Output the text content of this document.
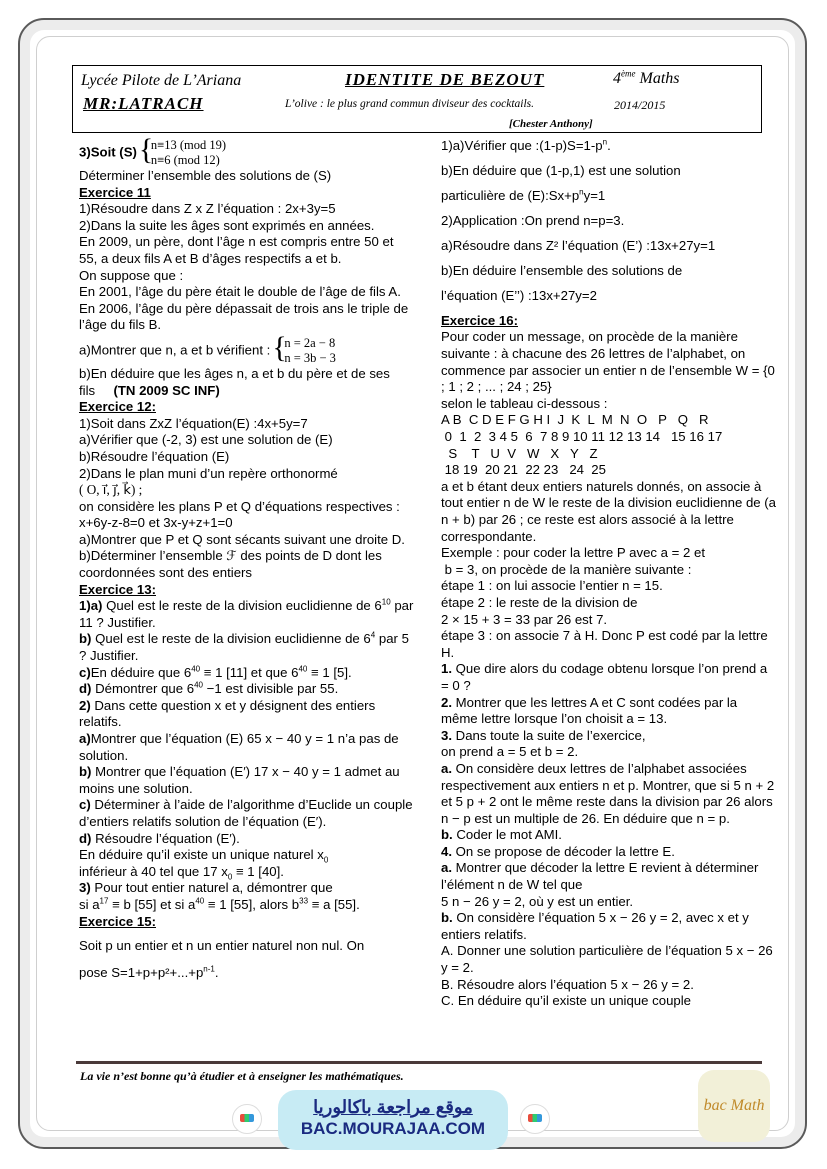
Lycée Pilote de L’Ariana	IDENTITE DE BEZOUT	4ème Maths
MR:LATRACH	L’olive : le plus grand commun diviseur des cocktails.	2014/2015
[Chester Anthony]

3)Soit (S) { n≡13 (mod 19)
n≡6 (mod 12)

Déterminer l’ensemble des solutions de (S)

Exercice 11

1)Résoudre dans Z x Z l’équation : 2x+3y=5

2)Dans la suite les âges sont exprimés en années.

En 2009, un père, dont l’âge n est compris entre 50 et 55, a deux fils A et B d’âges respectifs a et b.

On suppose que :

En 2001, l’âge du père était le double de l’âge de fils A.

En 2006, l’âge du père dépassait de trois ans le triple de l’âge du fils B.

a)Montrer que n, a et b vérifient : { n = 2a − 8
n = 3b − 3

b)En déduire que les âges n, a et b du père et de ses fils (TN 2009 SC INF)

Exercice 12:

1)Soit dans ZxZ l’équation(E) :4x+5y=7

a)Vérifier que (-2, 3) est une solution de (E)

b)Résoudre l’équation (E)

2)Dans le plan muni d’un repère orthonormé

( O, i⃗, j⃗, k⃗) ;

on considère les plans P et Q d’équations respectives : x+6y-z-8=0 et 3x-y+z+1=0

a)Montrer que P et Q sont sécants suivant une droite D.

b)Déterminer l’ensemble ℱ des points de D dont les coordonnées sont des entiers

Exercice 13:

1)a) Quel est le reste de la division euclidienne de $6^{10}$ par 11 ? Justifier.

b) Quel est le reste de la division euclidienne de $6^4$ par 5 ? Justifier.

c)En déduire que $6^{40} \equiv 1$ [11] et que $6^{40} \equiv 1$ [5].

d) Démontrer que $6^{40} -1$ est divisible par 55.

2) Dans cette question x et y désignent des entiers relatifs.

a)Montrer que l’équation (E) 65 x − 40 y = 1 n’a pas de solution.

b) Montrer que l’équation (E′) 17 x − 40 y = 1 admet au moins une solution.

c) Déterminer à l’aide de l’algorithme d’Euclide un couple d’entiers relatifs solution de l’équation (E′).

d) Résoudre l’équation (E′).

En déduire qu’il existe un unique naturel $x_0$

inférieur à 40 tel que 17 $x_0 \equiv 1$ [40].

3) Pour tout entier naturel a, démontrer que

si $a^{17} \equiv b$ [55] et si $a^{40} \equiv 1$ [55], alors $b^{33} \equiv a$ [55].

Exercice 15:

Soit p un entier et n un entier naturel non nul. On

pose $S=1+p+p^2+...+p^{n-1}$.

1)a)Vérifier que $:(1-p)S=1-p^n$.

b)En déduire que (1-p,1) est une solution

particulière de $(E):Sx+p^ny=1$

2)Application :On prend n=p=3.

a)Résoudre dans Z² l’équation (E’) :13x+27y=1

b)En déduire l’ensemble des solutions de

l’équation (E’’) :13x+27y=2

Exercice 16:

Pour coder un message, on procède de la manière suivante : à chacune des 26 lettres de l’alphabet, on commence par associer un entier n de l’ensemble W = {0 ; 1 ; 2 ; ... ; 24 ; 25}

selon le tableau ci-dessous :

A B  C D E F G H I  J  K  L  M  N  O   P   Q   R

0  1  2  3 4 5  6  7 8 9 10 11 12 13 14   15 16 17

S    T   U  V   W   X   Y   Z

18 19  20 21  22 23   24  25

a et b étant deux entiers naturels donnés, on associe à tout entier n de W le reste de la division euclidienne de (a n + b) par 26 ; ce reste est alors associé à la lettre correspondante.

Exemple : pour coder la lettre P avec a = 2 et

b = 3, on procède de la manière suivante :

étape 1 : on lui associe l’entier n = 15.

étape 2 : le reste de la division de

2 × 15 + 3 = 33 par 26 est 7.

étape 3 : on associe 7 à H. Donc P est codé par la lettre H.

1. Que dire alors du codage obtenu lorsque l’on prend a = 0 ?

2. Montrer que les lettres A et C sont codées par la même lettre lorsque l’on choisit a = 13.

3. Dans toute la suite de l’exercice,

on prend a = 5 et b = 2.

a. On considère deux lettres de l’alphabet associées respectivement aux entiers n et p. Montrer, que si 5 n + 2 et 5 p + 2 ont le même reste dans la division par 26 alors n − p est un multiple de 26. En déduire que n = p.

b. Coder le mot AMI.

4. On se propose de décoder la lettre E.

a. Montrer que décoder la lettre E revient à déterminer l’élément n de W tel que

5 n − 26 y = 2, où y est un entier.

b. On considère l’équation 5 x − 26 y = 2, avec x et y entiers relatifs.

A. Donner une solution particulière de l’équation 5 x − 26 y = 2.

B. Résoudre alors l’équation 5 x − 26 y = 2.

C. En déduire qu’il existe un unique couple

La vie n’est bonne qu’à étudier et à enseigner les mathématiques.
موقع مراجعة باكالوريا
BAC.MOURAJAA.COM
bac Math
